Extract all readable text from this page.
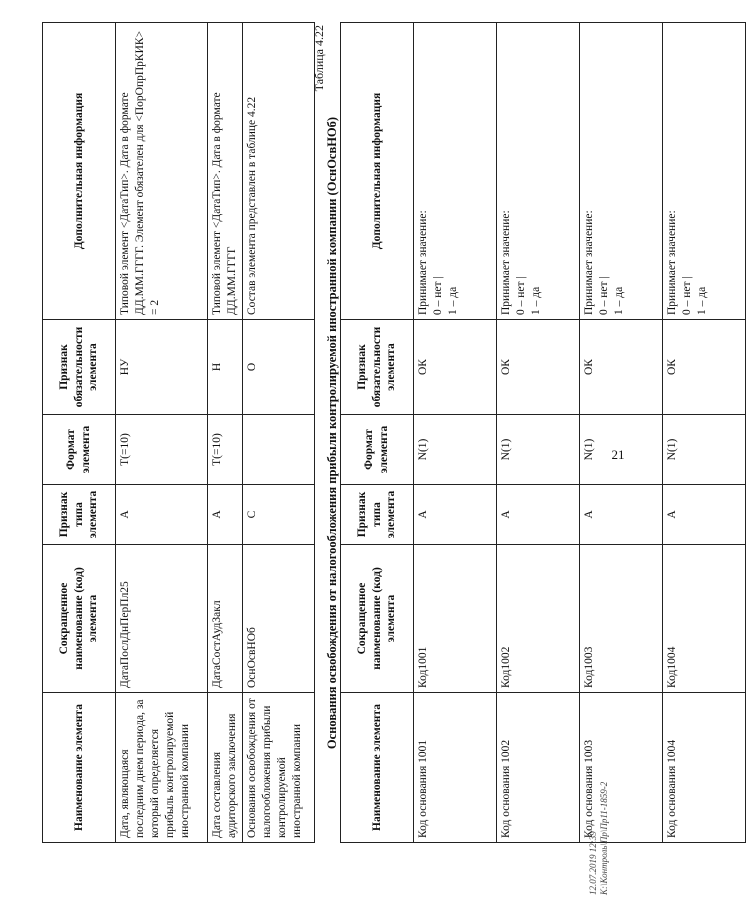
21
Наименование элемента	Сокращенное наименование (код) элемента	Признак типа элемента	Формат элемента	Признак обязательности элемента	Дополнительная информация
Дата, являющаяся последним днем периода, за который определяется прибыль контролируемой иностранной компании	ДатаПослДнПерПл25	А	T(=10)	НУ	Типовой элемент <ДатаТип>. Дата в формате ДД.ММ.ГГГГ. Элемент обязателен для <ПорОпрПрКИК> = 2
Дата составления аудиторского заключения	ДатаСостАудЗакл	А	T(=10)	Н	Типовой элемент <ДатаТип>. Дата в формате ДД.ММ.ГГГГ
Основания освобождения от налогообложения прибыли контролируемой иностранной компании	ОснОсвНОб	С		О	Состав элемента представлен в таблице 4.22
Таблица 4.22
Основания освобождения от налогообложения прибыли контролируемой иностранной компании (ОснОсвНОб)
Наименование элемента	Сокращенное наименование (код) элемента	Признак типа элемента	Формат элемента	Признак обязательности элемента	Дополнительная информация
Код основания 1001	Код1001	А	N(1)	ОК	Принимает значение: 0 – нет | 1 – да

Код основания 1002	Код1002	А	N(1)	ОК	Принимает значение: 0 – нет | 1 – да

Код основания 1003	Код1003	А	N(1)	ОК	Принимает значение: 0 – нет | 1 – да

Код основания 1004	Код1004	А	N(1)	ОК	Принимает значение: 0 – нет | 1 – да
12.07.2019 12:39 К:\Контроль\Пр\Пр11-1859-2
